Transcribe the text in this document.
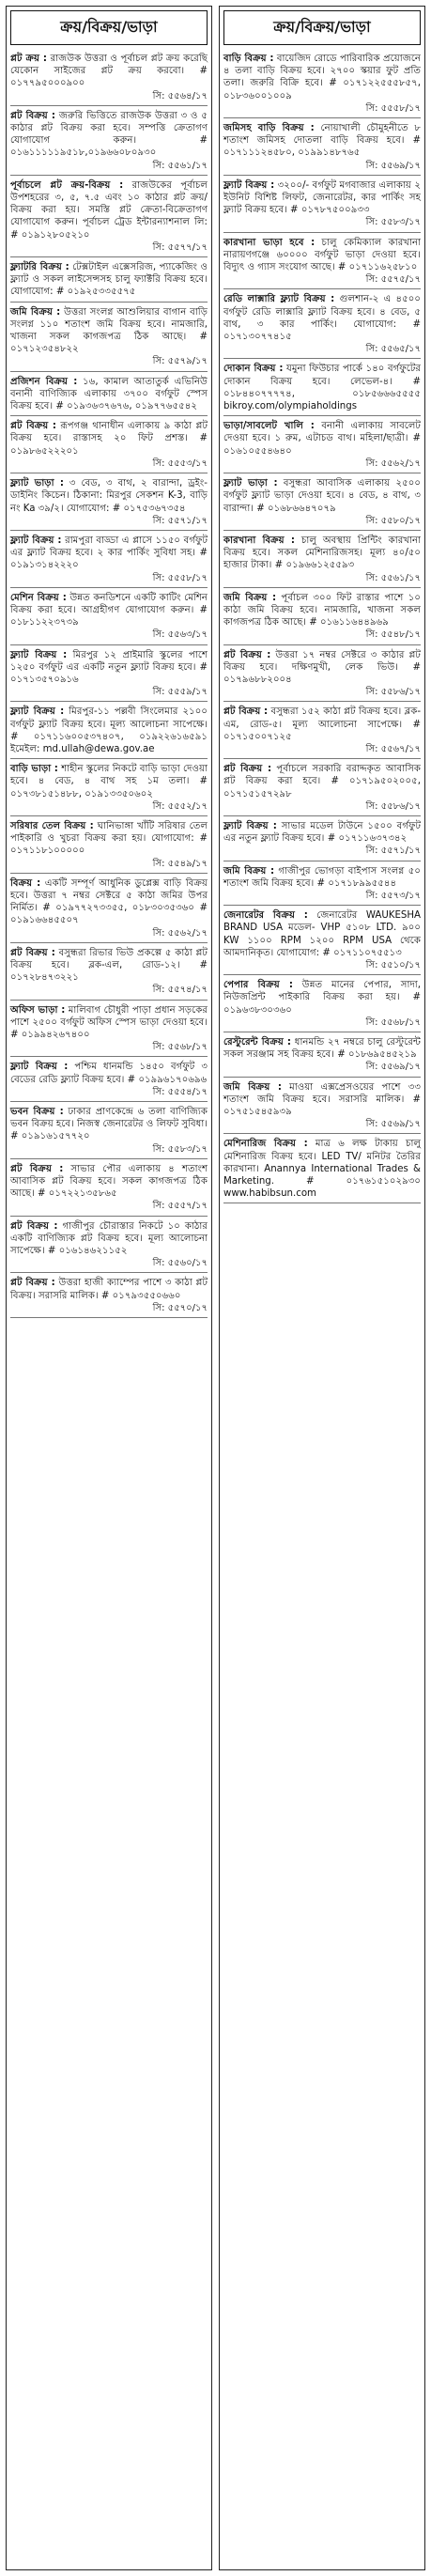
ক্রয়/বিক্রয়/ভাড়া
প্লট ক্রয় : রাজউক উত্তরা ও পূর্বাচল প্লট ক্রয় করেছি যেকোন সাইজের প্লট ক্রয় করবো। # ০১৭৭৯৫০০০৯০০
সি: ৫৫৬৪/১৭
প্লট বিক্রয় : জরুরি ভিত্তিতে রাজউক উত্তরা ৩ ও ৫ কাঠার প্লট বিক্রয় করা হবে। সম্পত্তি ক্রেতাগণ যোগাযোগ করুন। # ০১৬১১১১১৯৫১৮,০১৯৬৬০৮০৯৩০
সি: ৫৫৬১/১৭
পূর্বাচলে প্লট ক্রয়-বিক্রয় : রাজউকের পূর্বাচল উপশহরের ৩, ৫, ৭.৫ এবং ১০ কাঠার প্লট ক্রয়/বিক্রয় করা হয়। সমস্তি প্লট ক্রেতা-বিক্রেতাগণ যোগাযোগ করুন। পূর্বাচল ট্রেড ইন্টারন্যাশনাল লি: # ০১৯১২৮০৫২১০
সি: ৫৫৭৭/১৭
ফ্ল্যাটরি বিক্রয় : টেক্সটাইল এক্সেসরিজ, প্যাকেজিং ও ফ্ল্যাট ও সকল লাইসেন্সসহ চালু ফ্যাক্টরি বিক্রয় হবে। যোগাযোগ: # ০১৯২৫৩৩৫৫৭৫
জমি বিক্রয় : উত্তরা সংলগ্ন আশুলিয়ার বাগান বাড়ি সংলগ্ন ১১০ শতাংশ জমি বিক্রয় হবে। নামজারি, খাজনা সকল কাগজপত্র ঠিক আছে। # ০১৭১২৩৫৪৮২২
সি: ৫৫৭৯/১৭
প্রজিশন বিক্রয় : ১৬, কামাল আতাতুর্ক এভিনিউ বনানী বাণিজ্যিক এলাকায় ৩৭০০ বর্গফুট স্পেস বিক্রয় হবে। # ০১৯৩৬৩৭৬৭৬, ০১৯৭৭৬৫৫৪২
প্লট বিক্রয় : রূপগঞ্জ থানাধীন এলাকায় ৯ কাঠা প্লট বিক্রয় হবে। রাস্তাসহ ২০ ফিট প্রশস্ত। # ০১৯৮৬৫২২২০১
সি: ৫৫৫৩/১৭
ফ্ল্যাট ভাড়া : ৩ বেড, ৩ বাথ, ২ বারান্দা, ড্রইং-ডাইনিং কিচেন। ঠিকানা: মিরপুর সেকশন K-3, বাড়ি নং Ka ৩৯/২। যোগাযোগ: # ০১৭৫৩৬৭৩৫৪
সি: ৫৫৭১/১৭
ফ্ল্যাট বিক্রয় : রামপুরা বাড্ডা এ প্লাসে ১১৫০ বর্গফুট এর ফ্ল্যাট বিক্রয় হবে। ২ কার পার্কিং সুবিধা সহ। # ০১৯১৩১৪২২২০
সি: ৫৫৫৮/১৭
মেশিন বিক্রয় : উন্নত কনডিশনে একটি কাটিং মেশিন বিক্রয় করা হবে। আগ্রহীগণ যোগাযোগ করুন। # ০১৮১১২২৩৭৩৯
সি: ৫৫৬৩/১৭
ফ্ল্যাট বিক্রয় : মিরপুর ১২ প্রাইমারি স্কুলের পাশে ১২৫০ বর্গফুট এর একটি নতুন ফ্ল্যাট বিক্রয় হবে। # ০১৭১৩৫৭০৯১৬
সি: ৫৫৫৯/১৭
ফ্ল্যাট বিক্রয় : মিরপুর-১১ পল্লবী সিংলেমার ২১০০ বর্গফুট ফ্ল্যাট বিক্রয় হবে। মূল্য আলোচনা সাপেক্ষে। # ০১৭১১৬০০৫৩৭৪০৭, ০১৯২২৬১৬৫৯১ ইমেইল: md.ullah@dewa.gov.ae
বাড়ি ভাড়া : শাহীন স্কুলের নিকটে বাড়ি ভাড়া দেওয়া হবে। ৪ বেড, ৪ বাথ সহ ১ম তলা। # ০১৭৩৮১৫১৪৮৮, ০১৯১৩৩৫০৬০২
সি: ৫৫৫২/১৭
সরিষার তেল বিক্রয় : ঘানিভাঙ্গা খাঁটি সরিষার তেল পাইকারি ও খুচরা বিক্রয় করা হয়। যোগাযোগ: # ০১৭১১৮১০০০০০
সি: ৫৫৪৯/১৭
বিক্রয় : একটি সম্পূর্ণ আধুনিক ডুপ্লেক্স বাড়ি বিক্রয় হবে। উত্তরা ৭ নম্বর সেক্টরে ৫ কাঠা জমির উপর নির্মিত। # ০১৯৭৭২৭৩৩৫৫, ০১৮৩০৩৫৩৬০ # ০১৯১৬৬৪৫৫০৭
সি: ৫৫৬২/১৭
প্লট বিক্রয় : বসুন্ধরা রিভার ভিউ প্রকল্পে ৫ কাঠা প্লট বিক্রয় হবে। ব্লক-এল, রোড-১২। # ০১৭২৮৪৭৩২২১
সি: ৫৫৭৪/১৭
অফিস ভাড়া : মালিবাগ চৌধুরী পাড়া প্রধান সড়কের পাশে ২৫০০ বর্গফুট অফিস স্পেস ভাড়া দেওয়া হবে। # ০১৯৯৪২৬৭৪০০
সি: ৫৫৬৮/১৭
ফ্ল্যাট বিক্রয় : পশ্চিম ধানমন্ডি ১৪৫০ বর্গফুট ৩ বেডের রেডি ফ্ল্যাট বিক্রয় হবে। # ০১৯৯৬১৭০৬৯৬
সি: ৫৫৫৪/১৭
ভবন বিক্রয় : ঢাকার প্রাণকেন্দ্রে ৬ তলা বাণিজ্যিক ভবন বিক্রয় হবে। নিজস্ব জেনারেটর ও লিফট সুবিধা। # ০১৯১৬১৫৭৭২০
সি: ৫৫৮৩/১৭
প্লট বিক্রয় : সাভার পৌর এলাকায় ৪ শতাংশ আবাসিক প্লট বিক্রয় হবে। সকল কাগজপত্র ঠিক আছে। # ০১৭২২১৩৫৮৬৫
সি: ৫৫৫৭/১৭
প্লট বিক্রয় : গাজীপুর চৌরাস্তার নিকটে ১০ কাঠার একটি বাণিজ্যিক প্লট বিক্রয় হবে। মূল্য আলোচনা সাপেক্ষে। # ০১৬১৪৬২১১৫২
সি: ৫৫৬০/১৭
প্লট বিক্রয় : উত্তরা হাজী ক্যাম্পের পাশে ৩ কাঠা প্লট বিক্রয়। সরাসরি মালিক। # ০১৭৯৩৫৫০৬৬০
সি: ৫৫৭০/১৭
ক্রয়/বিক্রয়/ভাড়া
বাড়ি বিক্রয় : বায়েজিদ রোডে পারিবারিক প্রয়োজনে ৪ তলা বাড়ি বিক্রয় হবে। ২৭০০ স্কয়ার ফুট প্রতি তলা। জরুরি বিক্রি হবে। # ০১৭১২২৫৫৫৮৫৭, ০১৮৩৬০০১০০৯
সি: ৫৫৫৮/১৭
জমিসহ বাড়ি বিক্রয় : নোয়াখালী চৌমুহনীতে ৮ শতাংশ জমিসহ দোতলা বাড়ি বিক্রয় হবে। # ০১৭১১১২৪৫৮০, ০১৯৯১৪৮৭৬৫
সি: ৫৫৬৯/১৭
ফ্ল্যাট বিক্রয় : ৩২০০/- বর্গফুট মগবাজার এলাকায় ২ ইউনিট বিশিষ্ট লিফট, জেনারেটর, কার পার্কিং সহ ফ্ল্যাট বিক্রয় হবে। # ০১৭৮৭৫০০৯৩৩
সি: ৫৫৮৩/১৭
কারখানা ভাড়া হবে : চালু কেমিক্যাল কারখানা নারায়ণগঞ্জে ৬০০০০ বর্গফুট ভাড়া দেওয়া হবে। বিদ্যুৎ ও গ্যাস সংযোগ আছে। # ০১৭১১৬২৫৮১০
সি: ৫৫৭৫/১৭
রেডি লাক্সারি ফ্ল্যাট বিক্রয় : গুলশান-২ এ ৪৫০০ বর্গফুট রেডি লাক্সারি ফ্ল্যাট বিক্রয় হবে। ৪ বেড, ৫ বাথ, ৩ কার পার্কিং। যোগাযোগ: # ০১৭১৩০৭৭৪১৫
সি: ৫৫৬৫/১৭
দোকান বিক্রয় : যমুনা ফিউচার পার্কে ১৪০ বর্গফুটের দোকান বিক্রয় হবে। লেভেল-৪। # ০১৮৪৪০৭৭৭৭৪, ০১৮৫৬৬৬৫৫৫৫ bikroy.com/olympiaholdings
ভাড়া/সাবলেট খালি : বনানী এলাকায় সাবলেট দেওয়া হবে। ১ রুম, এটাচড বাথ। মহিলা/ছাত্রী। # ০১৬১০৫৫৪৬৪০
সি: ৫৫৬২/১৭
ফ্ল্যাট ভাড়া : বসুন্ধরা আবাসিক এলাকায় ২৫০০ বর্গফুট ফ্ল্যাট ভাড়া দেওয়া হবে। ৪ বেড, ৪ বাথ, ৩ বারান্দা। # ০১৬৮৬৬৪৭০৭৯
সি: ৫৫৮০/১৭
কারখানা বিক্রয় : চালু অবস্থায় প্রিন্টিং কারখানা বিক্রয় হবে। সকল মেশিনারিজসহ। মূল্য ৪০/৫০ হাজার টাকা। # ০১৯৬৬১২৫৫৯৩
সি: ৫৫৬১/১৭
জমি বিক্রয় : পূর্বাচল ৩০০ ফিট রাস্তার পাশে ১০ কাঠা জমি বিক্রয় হবে। নামজারি, খাজনা সকল কাগজপত্র ঠিক আছে। # ০১৬১১৬৪৪৯৬৯
সি: ৫৫৪৮/১৭
প্লট বিক্রয় : উত্তরা ১৭ নম্বর সেক্টরে ৩ কাঠার প্লট বিক্রয় হবে। দক্ষিণমুখী, লেক ভিউ। # ০১৭৯৬৮৮২০০৪
সি: ৫৫৮৬/১৭
প্লট বিক্রয় : বসুন্ধরা ১৫২ কাঠা প্লট বিক্রয় হবে। ব্লক-এম, রোড-৫। মূল্য আলোচনা সাপেক্ষে। # ০১৭১৫০০৭১২৫
সি: ৫৫৬৭/১৭
প্লট বিক্রয় : পূর্বাচলে সরকারি বরাদ্দকৃত আবাসিক প্লট বিক্রয় করা হবে। # ০১৭১৯৫০২০০৫, ০১৭১৫১৫৭২৯৮
সি: ৫৫৮৬/১৭
ফ্ল্যাট বিক্রয় : সাভার মডেল টাউনে ১৫০০ বর্গফুট এর নতুন ফ্ল্যাট বিক্রয় হবে। # ০১৭১১৬৩৭৩৪২
সি: ৫৫৭১/১৭
জমি বিক্রয় : গাজীপুর ভোগড়া বাইপাস সংলগ্ন ৫০ শতাংশ জমি বিক্রয় হবে। # ০১৭১৮৯৯৫৫৪৪
সি: ৫৫৭৩/১৭
জেনারেটর বিক্রয় : জেনারেটর WAUKESHA BRAND USA মডেল- VHP ৫১০৮ LTD. ৯০০ KW ১১০০ RPM ১২০০ RPM USA থেকে আমদানিকৃত। যোগাযোগ: # ০১৭১১০৭৫৫১৩
সি: ৫৫১০/১৭
পেপার বিক্রয় : উন্নত মানের পেপার, সাদা, নিউজপ্রিন্ট পাইকারি বিক্রয় করা হয়। # ০১৯৬৩৮৩০৩৬০
সি: ৫৫৬৮/১৭
রেস্টুরেন্ট বিক্রয় : ধানমন্ডি ২৭ নম্বরে চালু রেস্টুরেন্ট সকল সরঞ্জাম সহ বিক্রয় হবে। # ০১৮৬৯৫৪৫২১৯
সি: ৫৫৬৯/১৭
জমি বিক্রয় : মাওয়া এক্সপ্রেসওয়ের পাশে ৩৩ শতাংশ জমি বিক্রয় হবে। সরাসরি মালিক। # ০১৭৫১৫৪৫৯৩৯
সি: ৫৫৬৯/১৭
মেশিনারিজ বিক্রয় : মাত্র ৬ লক্ষ টাকায় চালু মেশিনারিজ বিক্রয় হবে। LED TV/ মনিটর তৈরির কারখানা। Anannya International Trades & Marketing. # ০১৭৬১৫১০২৯৩০ www.habibsun.com
